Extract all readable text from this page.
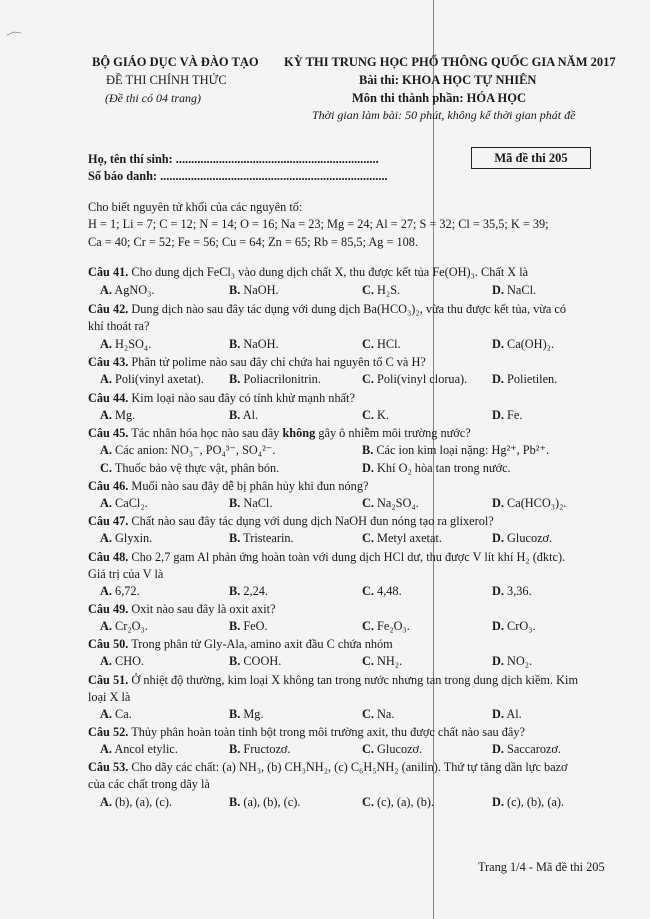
BỘ GIÁO DỤC VÀ ĐÀO TẠO
ĐỀ THI CHÍNH THỨC
(Đề thi có 04 trang)
KỲ THI TRUNG HỌC PHỔ THÔNG QUỐC GIA NĂM 2017
Bài thi: KHOA HỌC TỰ NHIÊN
Môn thi thành phần: HÓA HỌC
Thời gian làm bài: 50 phút, không kể thời gian phát đề
Họ, tên thí sinh: ..................................................................
Số báo danh: ..........................................................................
Mã đề thi 205
Cho biết nguyên tử khối của các nguyên tố:
H = 1; Li = 7; C = 12; N = 14; O = 16; Na = 23; Mg = 24; Al = 27; S = 32; Cl = 35,5; K = 39;
Ca = 40; Cr = 52; Fe = 56; Cu = 64; Zn = 65; Rb = 85,5; Ag = 108.
Câu 41. Cho dung dịch FeCl₃ vào dung dịch chất X, thu được kết tủa Fe(OH)₃. Chất X là
A. AgNO₃.	B. NaOH.	C. H₂S.	D. NaCl.
Câu 42. Dung dịch nào sau đây tác dụng với dung dịch Ba(HCO₃)₂, vừa thu được kết tủa, vừa có
khí thoát ra?
A. H₂SO₄.	B. NaOH.	C. HCl.	D. Ca(OH)₂.
Câu 43. Phân tử polime nào sau đây chỉ chứa hai nguyên tố C và H?
A. Poli(vinyl axetat). B. Poliacrilonitrin.	C. Poli(vinyl clorua). D. Polietilen.
Câu 44. Kim loại nào sau đây có tính khử mạnh nhất?
A. Mg.	B. Al.	C. K.	D. Fe.
Câu 45. Tác nhân hóa học nào sau đây không gây ô nhiễm môi trường nước?
A. Các anion: NO₃⁻, PO₄³⁻, SO₄²⁻.	B. Các ion kim loại nặng: Hg²⁺, Pb²⁺.
C. Thuốc bảo vệ thực vật, phân bón.	D. Khí O₂ hòa tan trong nước.
Câu 46. Muối nào sau đây dễ bị phân hủy khi đun nóng?
A. CaCl₂.	B. NaCl.	C. Na₂SO₄.	D. Ca(HCO₃)₂.
Câu 47. Chất nào sau đây tác dụng với dung dịch NaOH đun nóng tạo ra glixerol?
A. Glyxin.	B. Tristearin.	C. Metyl axetat.	D. Glucozơ.
Câu 48. Cho 2,7 gam Al phản ứng hoàn toàn với dung dịch HCl dư, thu được V lít khí H₂ (đktc).
Giá trị của V là
A. 6,72.	B. 2,24.	C. 4,48.	D. 3,36.
Câu 49. Oxit nào sau đây là oxit axit?
A. Cr₂O₃.	B. FeO.	C. Fe₂O₃.	D. CrO₃.
Câu 50. Trong phân tử Gly-Ala, amino axit đầu C chứa nhóm
A. CHO.	B. COOH.	C. NH₂.	D. NO₂.
Câu 51. Ở nhiệt độ thường, kim loại X không tan trong nước nhưng tan trong dung dịch kiềm. Kim
loại X là
A. Ca.	B. Mg.	C. Na.	D. Al.
Câu 52. Thủy phân hoàn toàn tinh bột trong môi trường axit, thu được chất nào sau đây?
A. Ancol etylic.	B. Fructozơ.	C. Glucozơ.	D. Saccarozơ.
Câu 53. Cho dãy các chất: (a) NH₃, (b) CH₃NH₂, (c) C₆H₅NH₂ (anilin). Thứ tự tăng dần lực bazơ
của các chất trong dãy là
A. (b), (a), (c).	B. (a), (b), (c).	C. (c), (a), (b).	D. (c), (b), (a).
Trang 1/4 - Mã đề thi 205
